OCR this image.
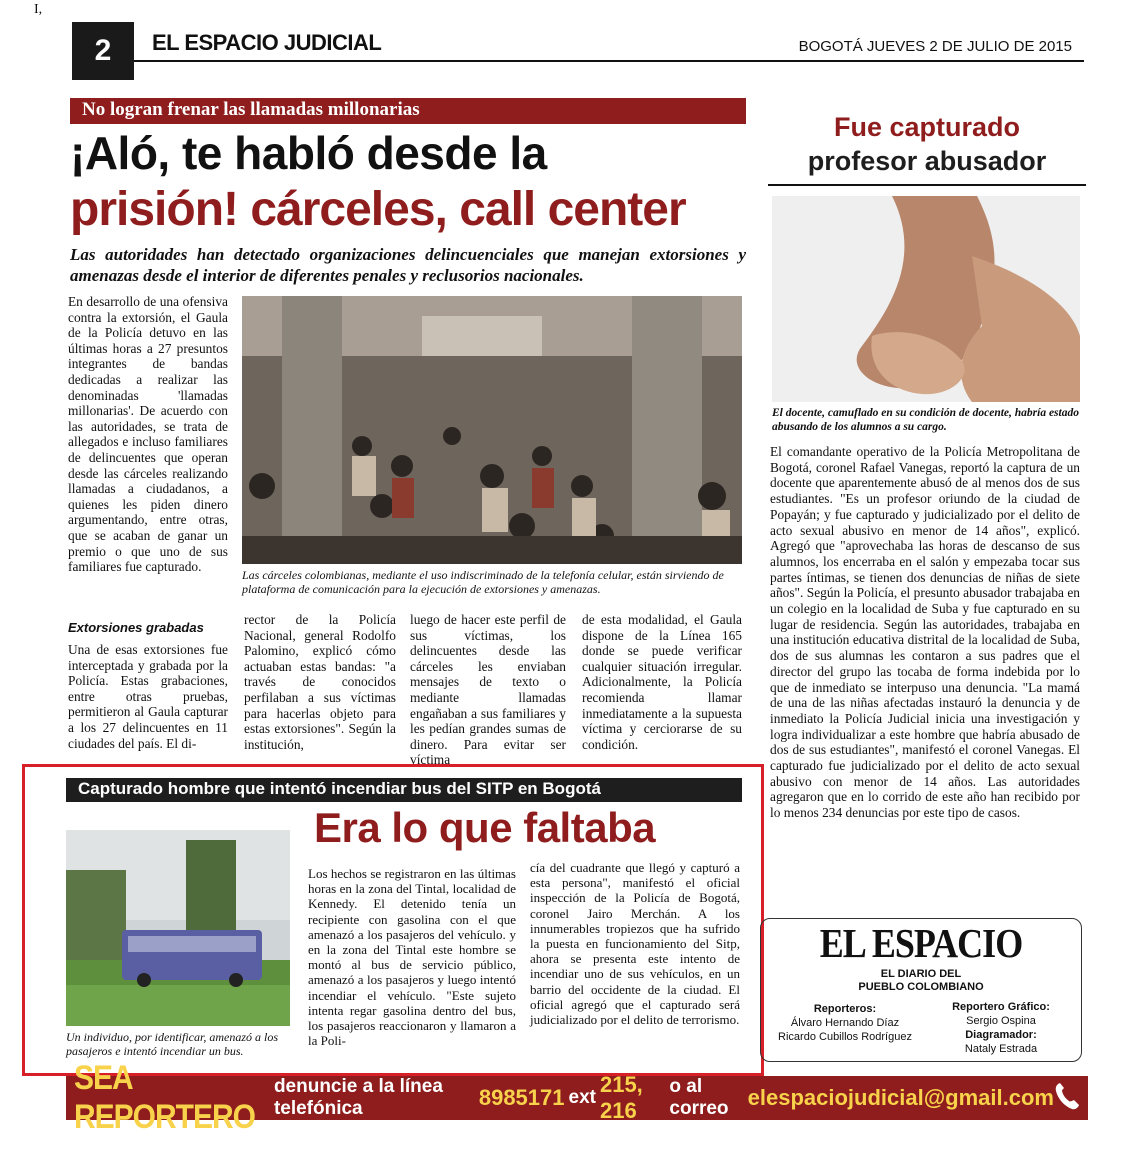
I,
2	EL ESPACIO JUDICIAL	BOGOTÁ JUEVES 2 DE JULIO DE 2015
No logran frenar las llamadas millonarias
¡Aló, te habló desde la
prisión! cárceles, call center
Las autoridades han detectado organizaciones delincuenciales que manejan extorsiones y amenazas desde el interior de diferentes penales y reclusorios nacionales.
En desarrollo de una ofensiva contra la extorsión, el Gaula de la Policía detuvo en las últimas horas a 27 presuntos integrantes de bandas dedicadas a realizar las denominadas 'llamadas millonarias'. De acuerdo con las autoridades, se trata de allegados e incluso familiares de delincuentes que operan desde las cárceles realizando llamadas a ciudadanos, a quienes les piden dinero argumentando, entre otras, que se acaban de ganar un premio o que uno de sus familiares fue capturado.
Extorsiones grabadas
Una de esas extorsiones fue interceptada y grabada por la Policía. Estas grabaciones, entre otras pruebas, permitieron al Gaula capturar a los 27 delincuentes en 11 ciudades del país. El di-
Las cárceles colombianas, mediante el uso indiscriminado de la telefonía celular, están sirviendo de plataforma de comunicación para la ejecución de extorsiones y amenazas.
rector de la Policía Nacional, general Rodolfo Palomino, explicó cómo actuaban estas bandas: "a través de conocidos perfilaban a sus víctimas para hacerlas objeto para estas extorsiones". Según la institución,
luego de hacer este perfil de sus víctimas, los delincuentes desde las cárceles les enviaban mensajes de texto o mediante llamadas engañaban a sus familiares y les pedían grandes sumas de dinero. Para evitar ser víctima
de esta modalidad, el Gaula dispone de la Línea 165 donde se puede verificar cualquier situación irregular. Adicionalmente, la Policía recomienda llamar inmediatamente a la supuesta víctima y cerciorarse de su condición.
Fue capturado
profesor abusador
El docente, camuflado en su condición de docente, habría estado abusando de los alumnos a su cargo.
El comandante operativo de la Policía Metropolitana de Bogotá, coronel Rafael Vanegas, reportó la captura de un docente que aparentemente abusó de al menos dos de sus estudiantes. "Es un profesor oriundo de la ciudad de Popayán; y fue capturado y judicializado por el delito de acto sexual abusivo en menor de 14 años", explicó. Agregó que "aprovechaba las horas de descanso de sus alumnos, los encerraba en el salón y empezaba tocar sus partes íntimas, se tienen dos denuncias de niñas de siete años". Según la Policía, el presunto abusador trabajaba en un colegio en la localidad de Suba y fue capturado en su lugar de residencia. Según las autoridades, trabajaba en una institución educativa distrital de la localidad de Suba, dos de sus alumnas les contaron a sus padres que el director del grupo las tocaba de forma indebida por lo que de inmediato se interpuso una denuncia. "La mamá de una de las niñas afectadas instauró la denuncia y de inmediato la Policía Judicial inicia una investigación y logra individualizar a este hombre que habría abusado de dos de sus estudiantes", manifestó el coronel Vanegas. El capturado fue judicializado por el delito de acto sexual abusivo con menor de 14 años. Las autoridades agregaron que en lo corrido de este año han recibido por lo menos 234 denuncias por este tipo de casos.
Capturado hombre que intentó incendiar bus del SITP en Bogotá
Era lo que faltaba
Un individuo, por identificar, amenazó a los pasajeros e intentó incendiar un bus.
Los hechos se registraron en las últimas horas en la zona del Tintal, localidad de Kennedy. El detenido tenía un recipiente con gasolina con el que amenazó a los pasajeros del vehículo. y en la zona del Tintal este hombre se montó al bus de servicio público, amenazó a los pasajeros y luego intentó incendiar el vehículo. "Este sujeto intenta regar gasolina dentro del bus, los pasajeros reaccionaron y llamaron a la Poli-
cía del cuadrante que llegó y capturó a esta persona", manifestó el oficial inspección de la Policía de Bogotá, coronel Jairo Merchán. A los innumerables tropiezos que ha sufrido la puesta en funcionamiento del Sitp, ahora se presenta este intento de incendiar uno de sus vehículos, en un barrio del occidente de la ciudad. El oficial agregó que el capturado será judicializado por el delito de terrorismo.
EL ESPACIO
EL DIARIO DEL
PUEBLO COLOMBIANO
Reporteros:
Álvaro Hernando Díaz
Ricardo Cubillos Rodríguez
Reportero Gráfico:
Sergio Ospina
Diagramador:
Nataly Estrada
SEA REPORTERO
denuncie a la línea telefónica
	8985171
ext

215, 216

o al correo
elespaciojudicial@gmail.com
